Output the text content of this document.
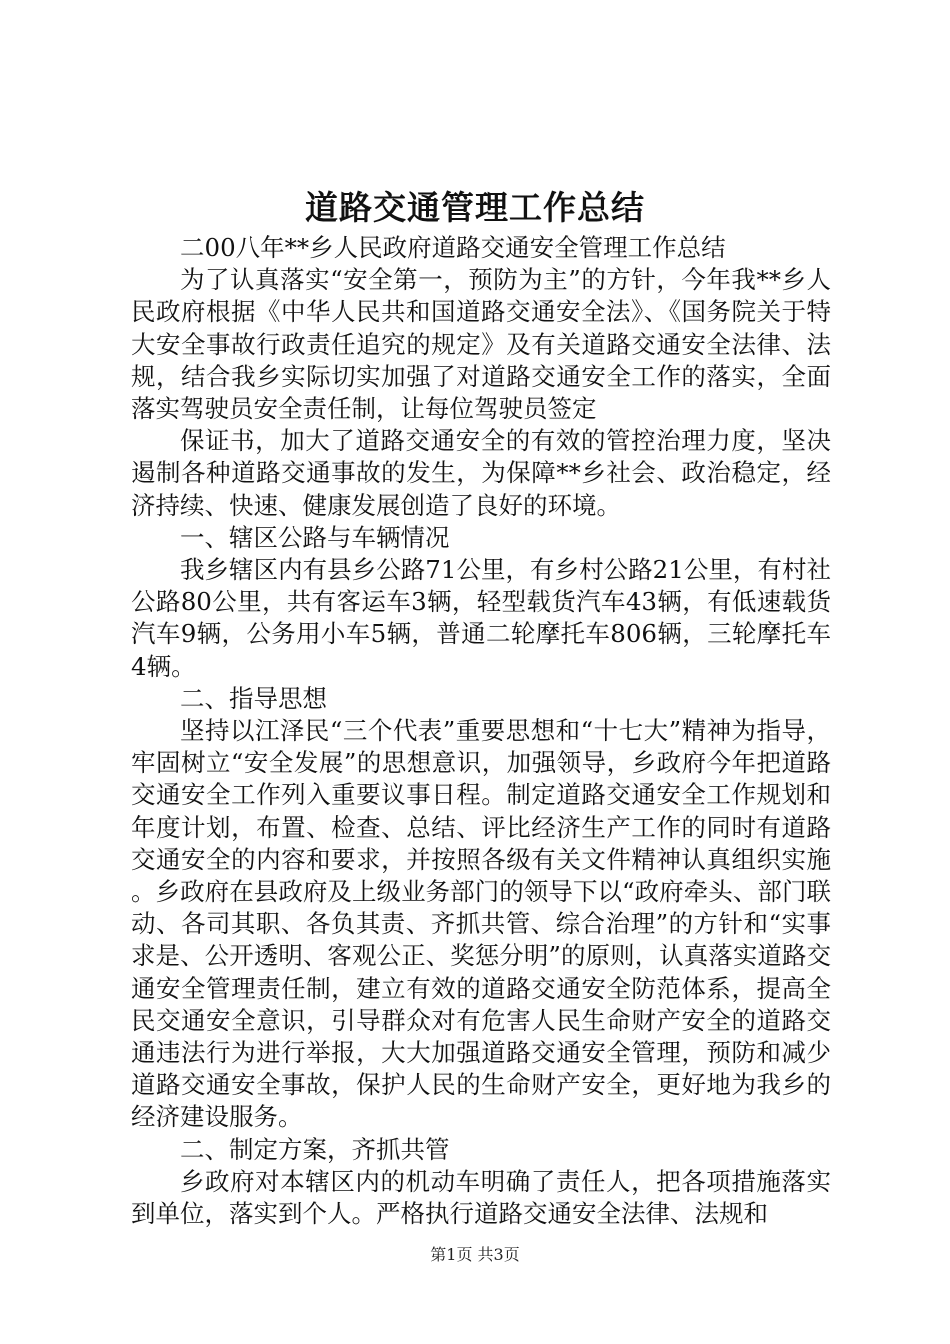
道路交通管理工作总结

二00八年**乡人民政府道路交通安全管理工作总结

为了认真落实“安全第一，预防为主”的方针，今年我**乡人民政府根据《中华人民共和国道路交通安全法》、《国务院关于特大安全事故行政责任追究的规定》及有关道路交通安全法律、法规，结合我乡实际切实加强了对道路交通安全工作的落实，全面落实驾驶员安全责任制，让每位驾驶员签定

保证书，加大了道路交通安全的有效的管控治理力度，坚决遏制各种道路交通事故的发生，为保障**乡社会、政治稳定，经济持续、快速、健康发展创造了良好的环境。

一、辖区公路与车辆情况

我乡辖区内有县乡公路71公里，有乡村公路21公里，有村社公路80公里，共有客运车3辆，轻型载货汽车43辆，有低速载货汽车9辆，公务用小车5辆，普通二轮摩托车806辆，三轮摩托车4辆。

二、指导思想

坚持以江泽民“三个代表”重要思想和“十七大”精神为指导，牢固树立“安全发展”的思想意识，加强领导，乡政府今年把道路交通安全工作列入重要议事日程。制定道路交通安全工作规划和年度计划，布置、检查、总结、评比经济生产工作的同时有道路交通安全的内容和要求，并按照各级有关文件精神认真组织实施。乡政府在县政府及上级业务部门的领导下以“政府牵头、部门联动、各司其职、各负其责、齐抓共管、综合治理”的方针和“实事求是、公开透明、客观公正、奖惩分明”的原则，认真落实道路交通安全管理责任制，建立有效的道路交通安全防范体系，提高全民交通安全意识，引导群众对有危害人民生命财产安全的道路交通违法行为进行举报，大大加强道路交通安全管理，预防和减少道路交通安全事故，保护人民的生命财产安全，更好地为我乡的经济建设服务。

二、制定方案，齐抓共管

乡政府对本辖区内的机动车明确了责任人，把各项措施落实到单位，落实到个人。严格执行道路交通安全法律、法规和

第1页 共3页
